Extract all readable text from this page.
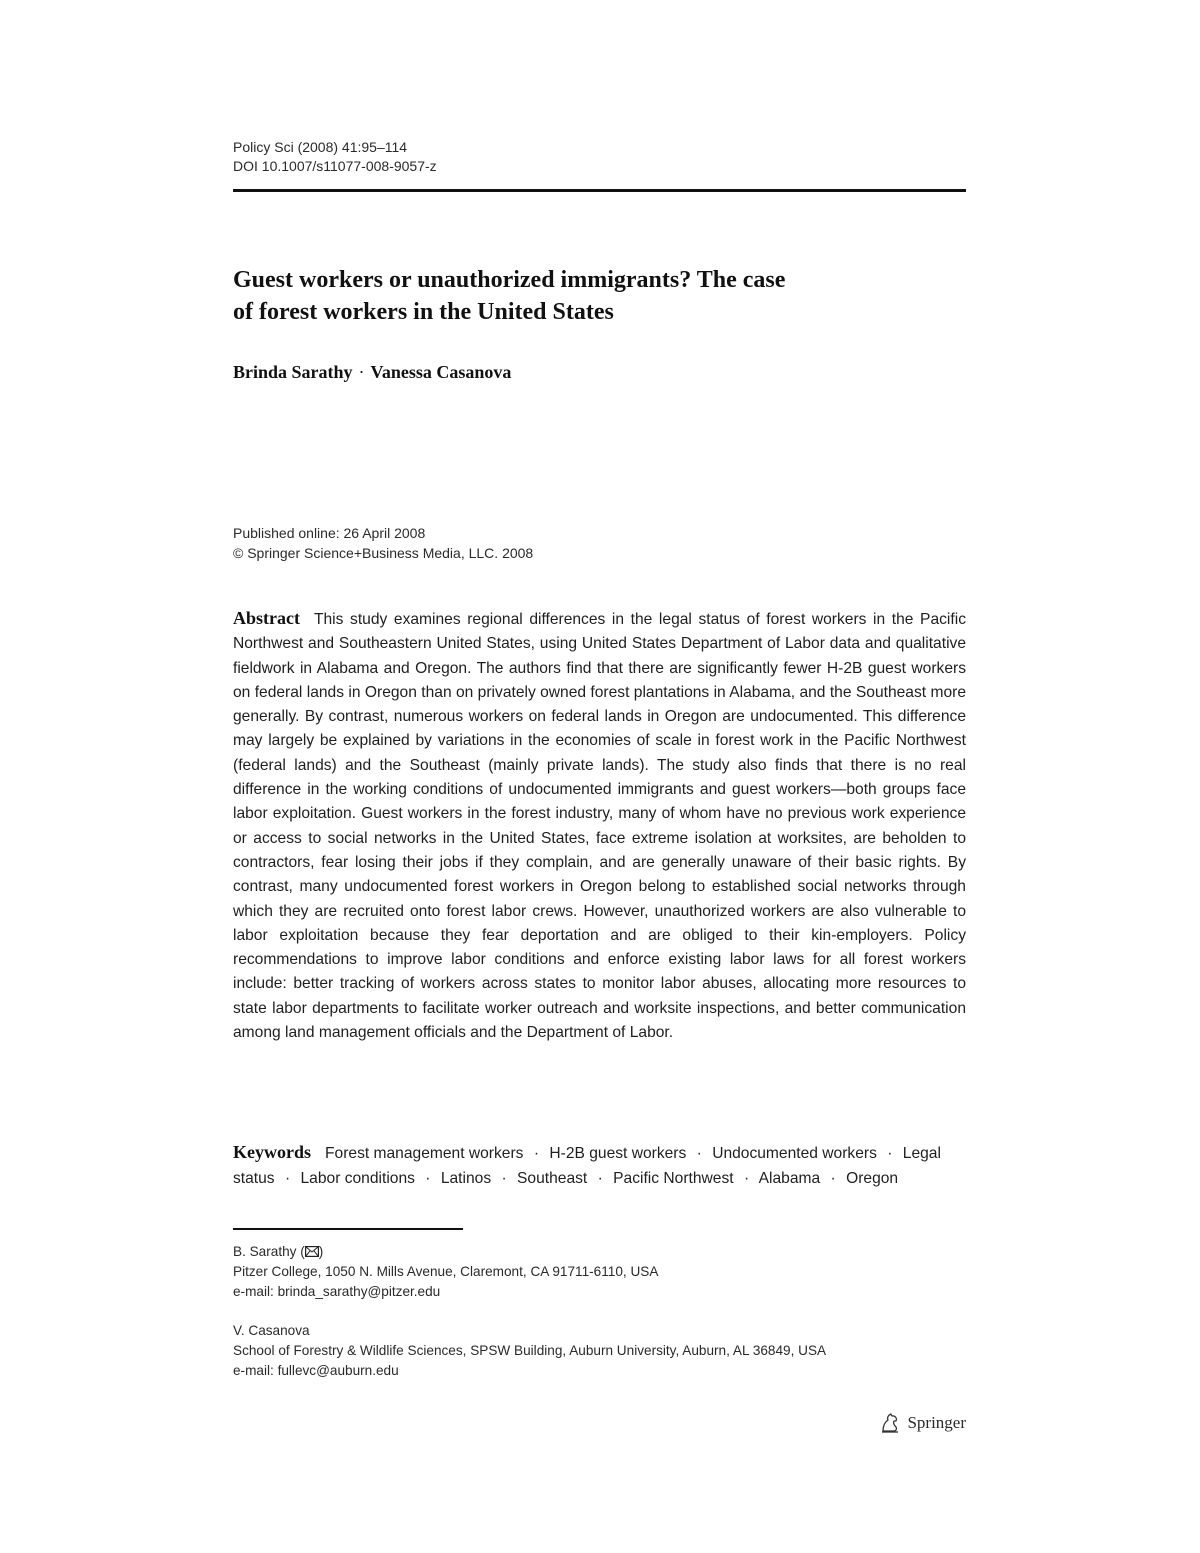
Policy Sci (2008) 41:95–114
DOI 10.1007/s11077-008-9057-z
Guest workers or unauthorized immigrants? The case
of forest workers in the United States
Brinda Sarathy · Vanessa Casanova
Published online: 26 April 2008
© Springer Science+Business Media, LLC. 2008
Abstract This study examines regional differences in the legal status of forest workers in the Pacific Northwest and Southeastern United States, using United States Department of Labor data and qualitative fieldwork in Alabama and Oregon. The authors find that there are significantly fewer H-2B guest workers on federal lands in Oregon than on privately owned forest plantations in Alabama, and the Southeast more generally. By contrast, numerous workers on federal lands in Oregon are undocumented. This difference may largely be explained by variations in the economies of scale in forest work in the Pacific Northwest (federal lands) and the Southeast (mainly private lands). The study also finds that there is no real difference in the working conditions of undocumented immigrants and guest workers—both groups face labor exploitation. Guest workers in the forest industry, many of whom have no previous work experience or access to social networks in the United States, face extreme isolation at worksites, are beholden to contractors, fear losing their jobs if they complain, and are generally unaware of their basic rights. By contrast, many undocumented forest workers in Oregon belong to established social networks through which they are recruited onto forest labor crews. However, unauthorized workers are also vulnerable to labor exploitation because they fear deportation and are obliged to their kin-employers. Policy recommendations to improve labor conditions and enforce existing labor laws for all forest workers include: better tracking of workers across states to monitor labor abuses, allocating more resources to state labor departments to facilitate worker outreach and worksite inspections, and better communication among land management officials and the Department of Labor.
Keywords Forest management workers · H-2B guest workers · Undocumented workers · Legal status · Labor conditions · Latinos · Southeast · Pacific Northwest · Alabama · Oregon
B. Sarathy ( )
Pitzer College, 1050 N. Mills Avenue, Claremont, CA 91711-6110, USA
e-mail: brinda_sarathy@pitzer.edu
V. Casanova
School of Forestry & Wildlife Sciences, SPSW Building, Auburn University, Auburn, AL 36849, USA
e-mail: fullevc@auburn.edu
Springer
